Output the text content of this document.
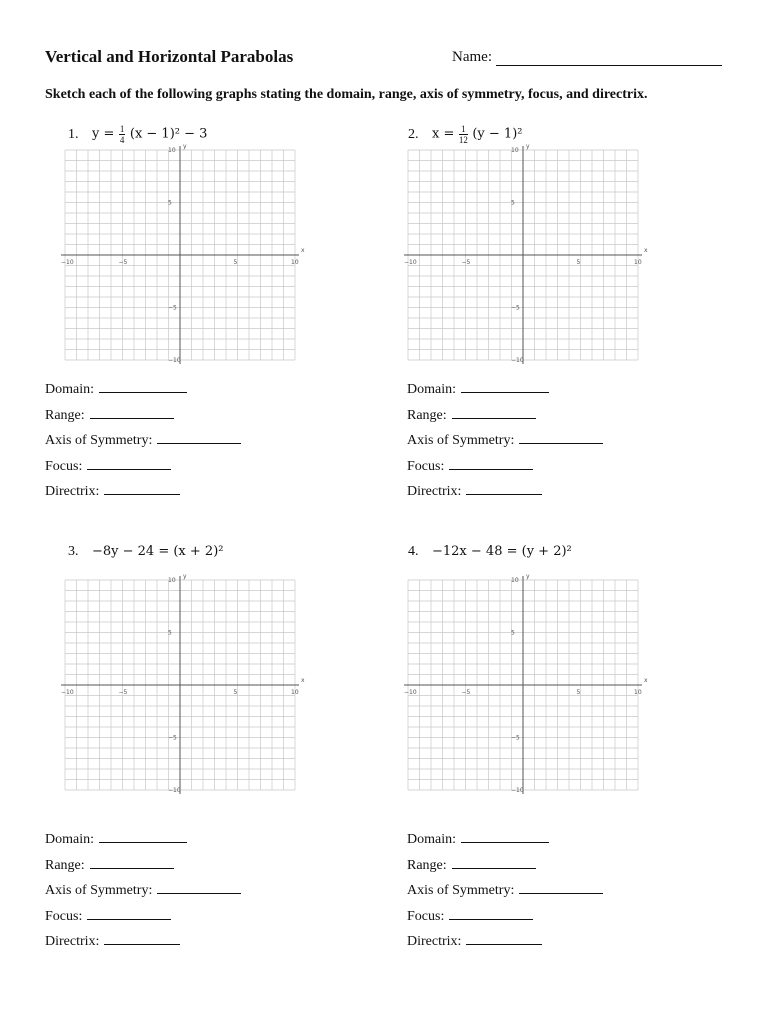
Vertical and Horizontal Parabolas	Name:
Sketch each of the following graphs stating the domain, range, axis of symmetry, focus, and directrix.
1. $y = \frac{1}{4} (x - 1)^2 - 3$	2. $x = \frac{1}{12} (y - 1)^2$
3. −8y − 24 = (x + 2)²	4. −12x − 48 = (y + 2)²
x
y
−10	−5	5	10
10
5
−5
−10
x
y
−10	−5	5	10
10
5
−5
−10
x
y
−10	−5	5	10
10
5
−5
−10
x
y
−10	−5	5	10
10
5
−5
−10
Domain:
Range:
Axis of Symmetry:
Focus:
Directrix:
Domain:
Range:
Axis of Symmetry:
Focus:
Directrix:
Domain:
Range:
Axis of Symmetry:
Focus:
Directrix:
Domain:
Range:
Axis of Symmetry:
Focus:
Directrix:
